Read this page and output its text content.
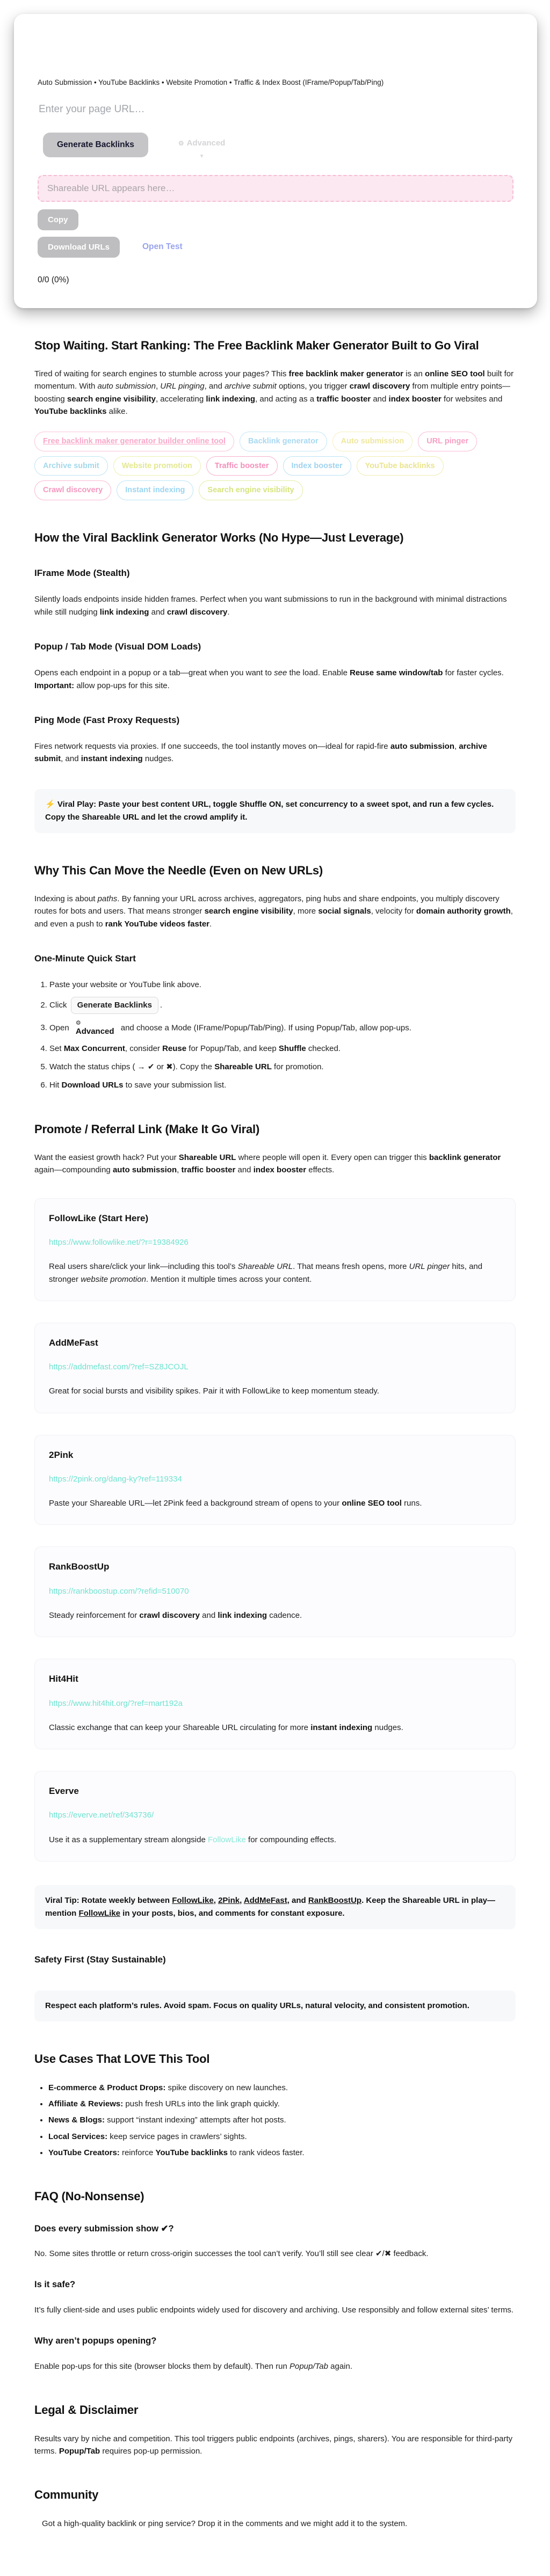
Auto Submission • YouTube Backlinks • Website Promotion • Traffic & Index Boost (IFrame/Popup/Tab/Ping)

Enter your page URL…
Generate Backlinks	⚙ Advanced
▼
Shareable URL appears here…
Copy
Download URLs	Open Test

0/0 (0%)

Stop Waiting. Start Ranking: The Free Backlink Maker Generator Built to Go Viral

Tired of waiting for search engines to stumble across your pages? This free backlink maker generator is an online SEO tool built for momentum. With auto submission, URL pinging, and archive submit options, you trigger crawl discovery from multiple entry points—boosting search engine visibility, accelerating link indexing, and acting as a traffic booster and index booster for websites and YouTube backlinks alike.

Free backlink maker generator builder online tool	Backlink generator	Auto submission	URL pinger
Archive submit	Website promotion	Traffic booster	Index booster	YouTube backlinks
Crawl discovery	Instant indexing	Search engine visibility
How the Viral Backlink Generator Works (No Hype—Just Leverage)
IFrame Mode (Stealth)

Silently loads endpoints inside hidden frames. Perfect when you want submissions to run in the background with minimal distractions while still nudging link indexing and crawl discovery.

Popup / Tab Mode (Visual DOM Loads)

Opens each endpoint in a popup or a tab—great when you want to see the load. Enable Reuse same window/tab for faster cycles. Important: allow pop-ups for this site.

Ping Mode (Fast Proxy Requests)

Fires network requests via proxies. If one succeeds, the tool instantly moves on—ideal for rapid-fire auto submission, archive submit, and instant indexing nudges.

⚡ Viral Play: Paste your best content URL, toggle Shuffle ON, set concurrency to a sweet spot, and run a few cycles. Copy the Shareable URL and let the crowd amplify it.
Why This Can Move the Needle (Even on New URLs)

Indexing is about paths. By fanning your URL across archives, aggregators, ping hubs and share endpoints, you multiply discovery routes for bots and users. That means stronger search engine visibility, more social signals, velocity for domain authority growth, and even a push to rank YouTube videos faster.

One-Minute Quick Start
1. Paste your website or YouTube link above.
2. Click Generate Backlinks .
3. Open
⚙
Advanced and choose a Mode (IFrame/Popup/Tab/Ping). If using Popup/Tab, allow pop-ups.
4. Set Max Concurrent, consider Reuse for Popup/Tab, and keep Shuffle checked.
5. Watch the status chips ( → ✔ or ✖). Copy the Shareable URL for promotion.
6. Hit Download URLs to save your submission list.
Promote / Referral Link (Make It Go Viral)

Want the easiest growth hack? Put your Shareable URL where people will open it. Every open can trigger this backlink generator again—compounding auto submission, traffic booster and index booster effects.

FollowLike (Start Here)
https://www.followlike.net/?r=19384926

Real users share/click your link—including this tool’s Shareable URL. That means fresh opens, more URL pinger hits, and stronger website promotion. Mention it multiple times across your content.

AddMeFast
https://addmefast.com/?ref=SZ8JCOJL

Great for social bursts and visibility spikes. Pair it with FollowLike to keep momentum steady.

2Pink
https://2pink.org/dang-ky?ref=119334

Paste your Shareable URL—let 2Pink feed a background stream of opens to your online SEO tool runs.

RankBoostUp
https://rankboostup.com/?refid=510070

Steady reinforcement for crawl discovery and link indexing cadence.

Hit4Hit
https://www.hit4hit.org/?ref=mart192a

Classic exchange that can keep your Shareable URL circulating for more instant indexing nudges.

Everve
https://everve.net/ref/343736/

Use it as a supplementary stream alongside FollowLike for compounding effects.

Viral Tip: Rotate weekly between FollowLike, 2Pink, AddMeFast, and RankBoostUp. Keep the Shareable URL in play—mention FollowLike in your posts, bios, and comments for constant exposure.
Safety First (Stay Sustainable)
Respect each platform’s rules. Avoid spam. Focus on quality URLs, natural velocity, and consistent promotion.
Use Cases That LOVE This Tool
• E-commerce & Product Drops: spike discovery on new launches.
• Affiliate & Reviews: push fresh URLs into the link graph quickly.
• News & Blogs: support “instant indexing” attempts after hot posts.
• Local Services: keep service pages in crawlers’ sights.
• YouTube Creators: reinforce YouTube backlinks to rank videos faster.
FAQ (No-Nonsense)
Does every submission show ✔?

No. Some sites throttle or return cross-origin successes the tool can’t verify. You’ll still see clear ✔/✖ feedback.

Is it safe?

It’s fully client-side and uses public endpoints widely used for discovery and archiving. Use responsibly and follow external sites’ terms.

Why aren’t popups opening?

Enable pop-ups for this site (browser blocks them by default). Then run Popup/Tab again.

Legal & Disclaimer

Results vary by niche and competition. This tool triggers public endpoints (archives, pings, sharers). You are responsible for third-party terms. Popup/Tab requires pop-up permission.

Community

Got a high-quality backlink or ping service? Drop it in the comments and we might add it to the system.
